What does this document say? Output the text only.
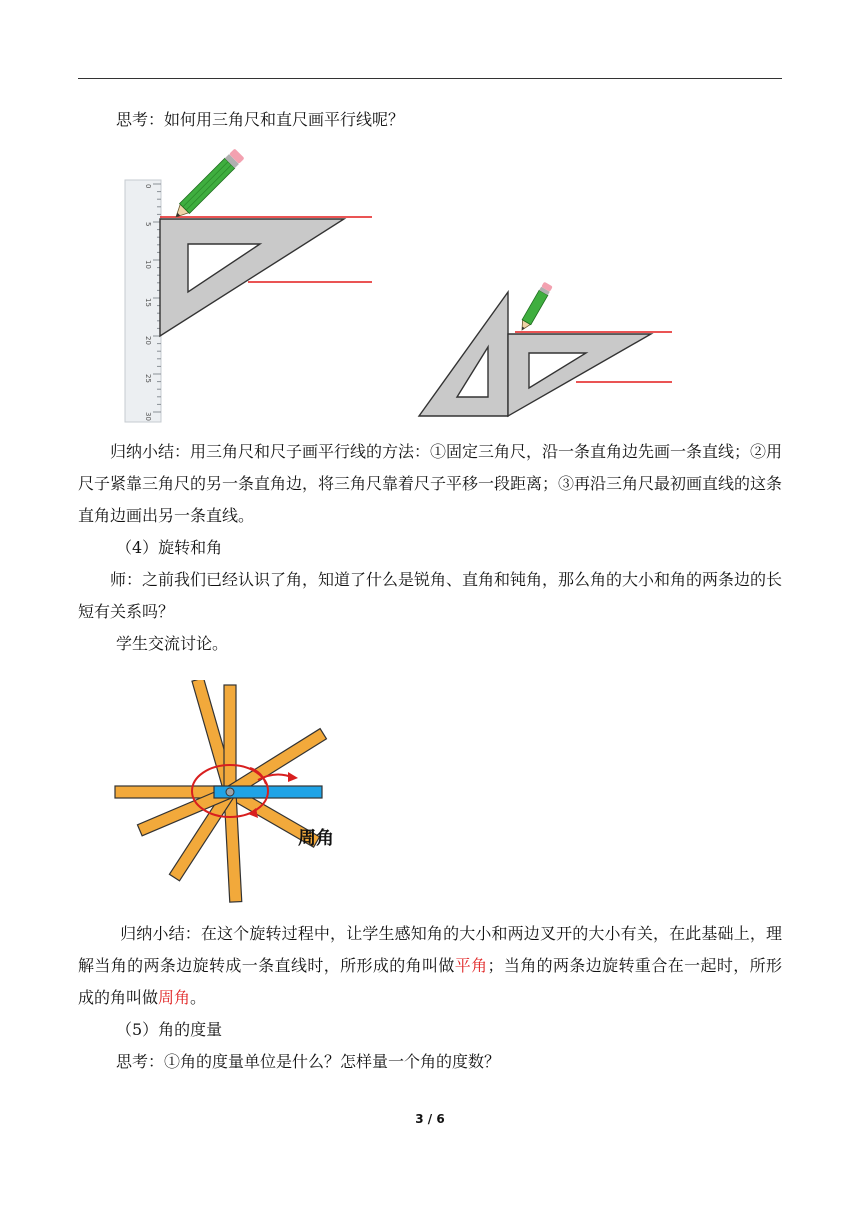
思考：如何用三角尺和直尺画平行线呢？
0
5
10
15
20
25
30
归纳小结：用三角尺和尺子画平行线的方法：①固定三角尺，沿一条直角边先画一条直线；②用尺子紧靠三角尺的另一条直角边，将三角尺靠着尺子平移一段距离；③再沿三角尺最初画直线的这条直角边画出另一条直线。
（4）旋转和角
师：之前我们已经认识了角，知道了什么是锐角、直角和钝角，那么角的大小和角的两条边的长短有关系吗？
学生交流讨论。
周角
归纳小结：在这个旋转过程中，让学生感知角的大小和两边叉开的大小有关，在此基础上，理解当角的两条边旋转成一条直线时，所形成的角叫做平角；当角的两条边旋转重合在一起时，所形成的角叫做周角。
（5）角的度量
思考：①角的度量单位是什么？怎样量一个角的度数？
3 / 6
